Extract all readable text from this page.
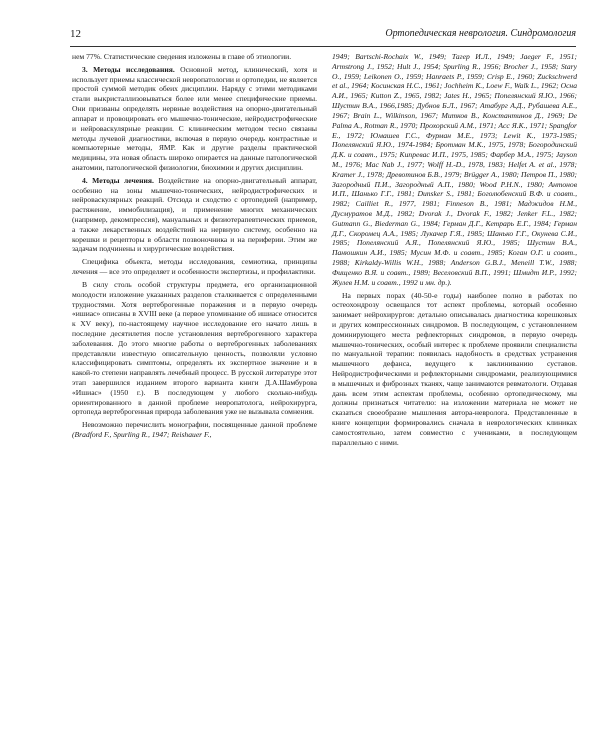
12	Ортопедическая неврология. Синдромология

нем 77%. Статистические сведения изложены в главе об этиологии.

3. Методы исследования. Основной метод, клинический, хотя и использует приемы классической невропатологии и ортопедии, не является простой суммой методик обеих дисциплин. Наряду с этими методиками стали выкристаллизовываться более или менее специфические приемы. Они призваны определять нервные воздействия на опорно-двигательный аппарат и провоцировать его мышечно-тонические, нейродистрофические и нейроваскулярные реакции. С клиническим методом тесно связаны методы лучевой диагностики, включая в первую очередь контрастные и компьютерные методы, ЯМР. Как и другие разделы практической медицины, эта новая область широко опирается на данные патологической анатомии, патологической физиологии, биохимии и других дисциплин.

4. Методы лечения. Воздействие на опорно-двигательный аппарат, особенно на зоны мышечно-тонических, нейродистрофических и нейроваскулярных реакций. Отсюда и сходство с ортопедией (например, растяжение, иммобилизация), и применение многих механических (например, декомпрессия), мануальных и физиотерапевтических приемов, а также лекарственных воздействий на нервную систему, особенно на корешки и рецепторы в области позвоночника и на периферии. Этим же задачам подчинены и хирургические воздействия.

Специфика объекта, методы исследования, семиотика, принципы лечения — все это определяет и особенности экспертизы, и профилактики.

В силу столь особой структуры предмета, его организационной молодости изложение указанных разделов сталкивается с определенными трудностями. Хотя вертеброгенные поражения и в первую очередь «ишиас» описаны в XVIII веке (а первое упоминание об ишиасе относится к XV веку), по-настоящему научное исследование его начато лишь в последние десятилетия после установления вертеброгенного характера заболевания. До этого многие работы о вертеброгенных заболеваниях представляли известную описательную ценность, позволяли условно классифицировать симптомы, определять их экспертное значение и в какой-то степени направлять лечебный процесс. В русской литературе этот этап завершился изданием второго варианта книги Д.А.Шамбурова «Ишиас» (1950 г.). В последующем у любого сколько-нибудь ориентированного в данной проблеме невропатолога, нейрохирурга, ортопеда вертеброгенная природа заболевания уже не вызывала сомнения.

Невозможно перечислить монографии, посвященные данной проблеме (Bradford F., Spurling R., 1947; Reishauer F.,

1949; Bartschi-Rochaix W., 1949; Тагер И.Л., 1949; Jaeger F., 1951; Armstrong J., 1952; Hult J., 1954; Spurling R., 1956; Brocher J., 1958; Stary O., 1959; Leikonen O., 1959; Hanraets P., 1959; Crisp E., 1960; Zuckschwerd et al., 1964; Косинская Н.С., 1961; Jochheim K., Loew F., Walk L., 1962; Осна А.И., 1965; Kutton Z., 1965, 1982; Jates H., 1965; Попелянский Я.Ю., 1966; Шустин В.А., 1966,1985; Дубнов Б.Л., 1967; Атабург А.Д., Рубашева А.Е., 1967; Brain L., Wilkinson, 1967; Митков В., Константинов Д., 1969; De Palma A., Rotman R., 1970; Прохорский А.М., 1971; Acc Я.К., 1971; Spangfor E., 1972; Юмашев Г.С., Фурман М.Е., 1973; Lewit K., 1973-1985; Попелянский Я.Ю., 1974-1984; Бротман М.К., 1975, 1978; Богородинский Д.К. и соавт., 1975; Кипревас И.П., 1975, 1985; Фарбер М.А., 1975; Jayson M., 1976; Mac Nab J., 1977; Wolff H.-D., 1978, 1983; Helfet A. et al., 1978; Kramer J., 1978; Древотинов Б.В., 1979; Brügger A., 1980; Петров П., 1980; Загородный П.И., Загородный А.П., 1980; Wood P.H.N., 1980; Антонов И.П., Шанько Г.Г., 1981; Dunsker S., 1981; Боголюбенский В.Ф. и соавт., 1982; Cailliet R., 1977, 1981; Finneson B., 1981; Маджидов Н.М., Дусмуратов М.Д., 1982; Dvorak J., Dvorak F., 1982; Jenker F.L., 1982; Gutmann G., Biederman G., 1984; Герман Д.Г., Кетрарь Е.Г., 1984; Герман Д.Г., Скоромец А.А., 1985; Лукачер Г.Я., 1985; Шанько Г.Г., Окунева С.И., 1985; Попелянский А.Я., Попелянский Я.Ю., 1985; Шустин В.А., Панюшкин А.И., 1985; Мусин М.Ф. и соавт., 1985; Коган О.Г. и соавт., 1988; Kirkaldy-Willis W.H., 1988; Anderson G.B.J., Meneill T.W., 1988; Фищенко В.Я. и соавт., 1989; Веселовский В.П., 1991; Шмидт И.Р., 1992; Жулев Н.М. и соавт., 1992 и мн. др.).

На первых порах (40-50-е годы) наиболее полно в работах по остеохондрозу освещался тот аспект проблемы, который особенно занимает нейрохирургов: детально описывалась диагностика корешковых и других компрессионных синдромов. В последующем, с установлением доминирующего места рефлекторных синдромов, в первую очередь мышечно-тонических, особый интерес к проблеме проявили специалисты по мануальной терапии: появилась надобность в средствах устранения мышечного дефанса, ведущего к заклиниванию суставов. Нейродистрофическими и рефлекторными синдромами, реализующимися в мышечных и фиброзных тканях, чаще занимаются ревматологи. Отдавая дань всем этим аспектам проблемы, особенно ортопедическому, мы должны признаться читателю: на изложении материала не может не сказаться своеобразие мышления автора-невролога. Представленные в книге концепции формировались сначала в неврологических клиниках самостоятельно, затем совместно с учениками, в последующем параллельно с ними.
